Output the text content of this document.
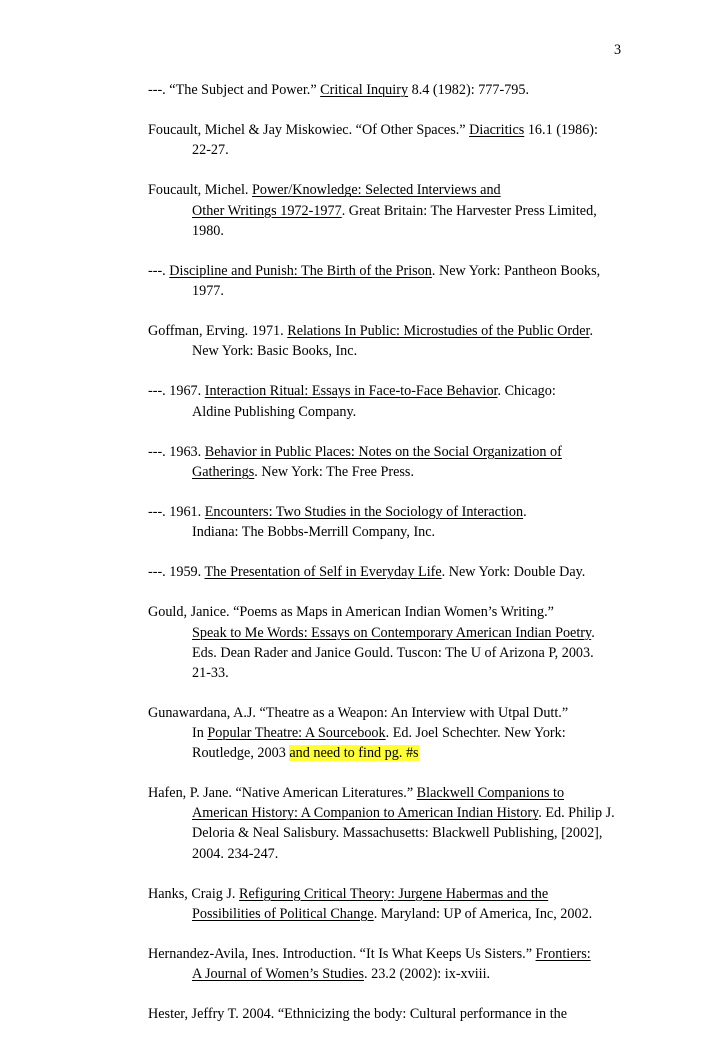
3
---. “The Subject and Power.” Critical Inquiry 8.4 (1982): 777-795.
Foucault, Michel & Jay Miskowiec. “Of Other Spaces.” Diacritics 16.1 (1986):
22-27.
Foucault, Michel. Power/Knowledge: Selected Interviews and
Other Writings 1972-1977. Great Britain: The Harvester Press Limited,
1980.
---. Discipline and Punish: The Birth of the Prison. New York: Pantheon Books,
1977.
Goffman, Erving. 1971. Relations In Public: Microstudies of the Public Order.
New York: Basic Books, Inc.
---. 1967. Interaction Ritual: Essays in Face-to-Face Behavior. Chicago:
Aldine Publishing Company.
---. 1963. Behavior in Public Places: Notes on the Social Organization of
Gatherings. New York: The Free Press.
---. 1961. Encounters: Two Studies in the Sociology of Interaction.
Indiana: The Bobbs-Merrill Company, Inc.
---. 1959. The Presentation of Self in Everyday Life. New York: Double Day.
Gould, Janice. “Poems as Maps in American Indian Women’s Writing.”
Speak to Me Words: Essays on Contemporary American Indian Poetry.
Eds. Dean Rader and Janice Gould. Tuscon: The U of Arizona P, 2003.
21-33.
Gunawardana, A.J. “Theatre as a Weapon: An Interview with Utpal Dutt.”
In Popular Theatre: A Sourcebook. Ed. Joel Schechter. New York:
Routledge, 2003 and need to find pg. #s
Hafen, P. Jane. “Native American Literatures.” Blackwell Companions to
American History: A Companion to American Indian History. Ed. Philip J.
Deloria & Neal Salisbury. Massachusetts: Blackwell Publishing, [2002],
2004. 234-247.
Hanks, Craig J. Refiguring Critical Theory: Jurgene Habermas and the
Possibilities of Political Change. Maryland: UP of America, Inc, 2002.
Hernandez-Avila, Ines. Introduction. “It Is What Keeps Us Sisters.” Frontiers:
A Journal of Women’s Studies. 23.2 (2002): ix-xviii.
Hester, Jeffry T. 2004. “Ethnicizing the body: Cultural performance in the
